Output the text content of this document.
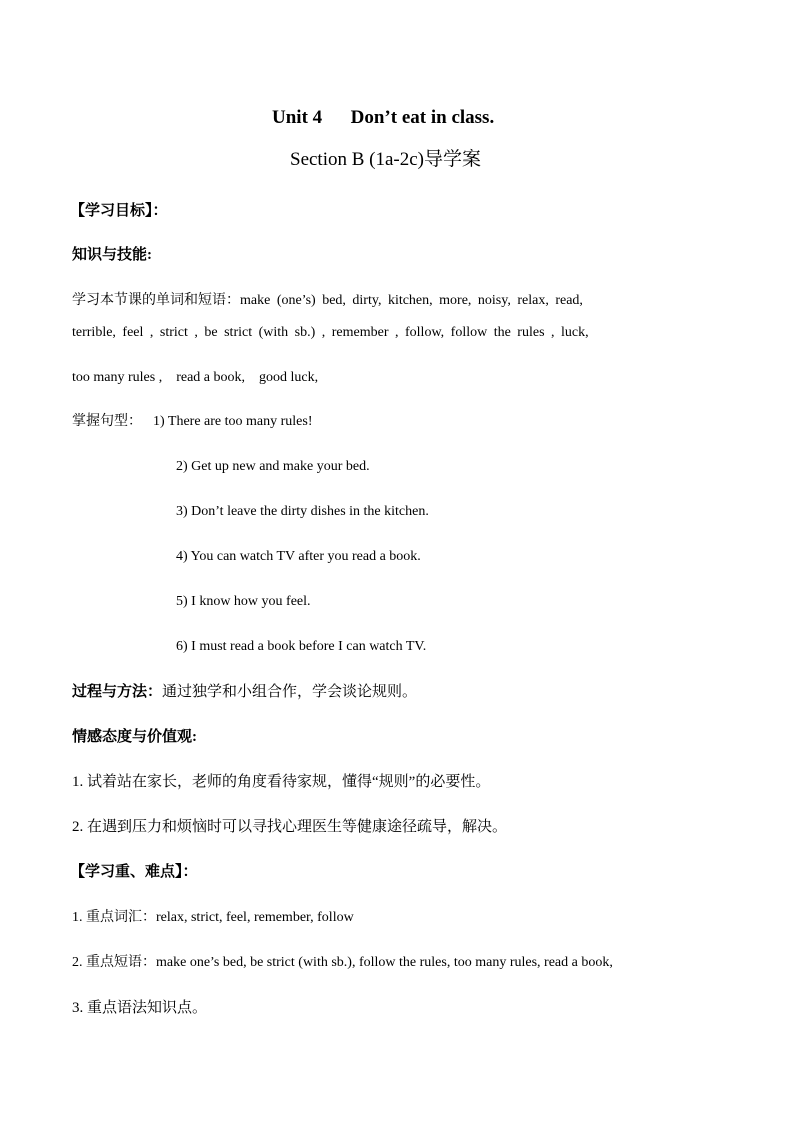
Unit 4      Don’t eat in class.
Section B (1a-2c)导学案
【学习目标】：
知识与技能:
学习本节课的单词和短语：make (one’s) bed, dirty, kitchen, more, noisy, relax, read,
terrible, feel , strict , be strict (with sb.) , remember , follow, follow the rules , luck,
too many rules ,    read a book,    good luck,
掌握句型： 1) There are too many rules!
2) Get up new and make your bed.
3) Don’t leave the dirty dishes in the kitchen.
4) You can watch TV after you read a book.
5) I know how you feel.
6) I must read a book before I can watch TV.
过程与方法：通过独学和小组合作，学会谈论规则。
情感态度与价值观:
1. 试着站在家长，老师的角度看待家规，懂得“规则”的必要性。
2. 在遇到压力和烦恼时可以寻找心理医生等健康途径疏导，解决。
【学习重、难点】：
1. 重点词汇：relax, strict, feel, remember, follow
2. 重点短语：make one’s bed, be strict (with sb.), follow the rules, too many rules, read a book,
3. 重点语法知识点。
